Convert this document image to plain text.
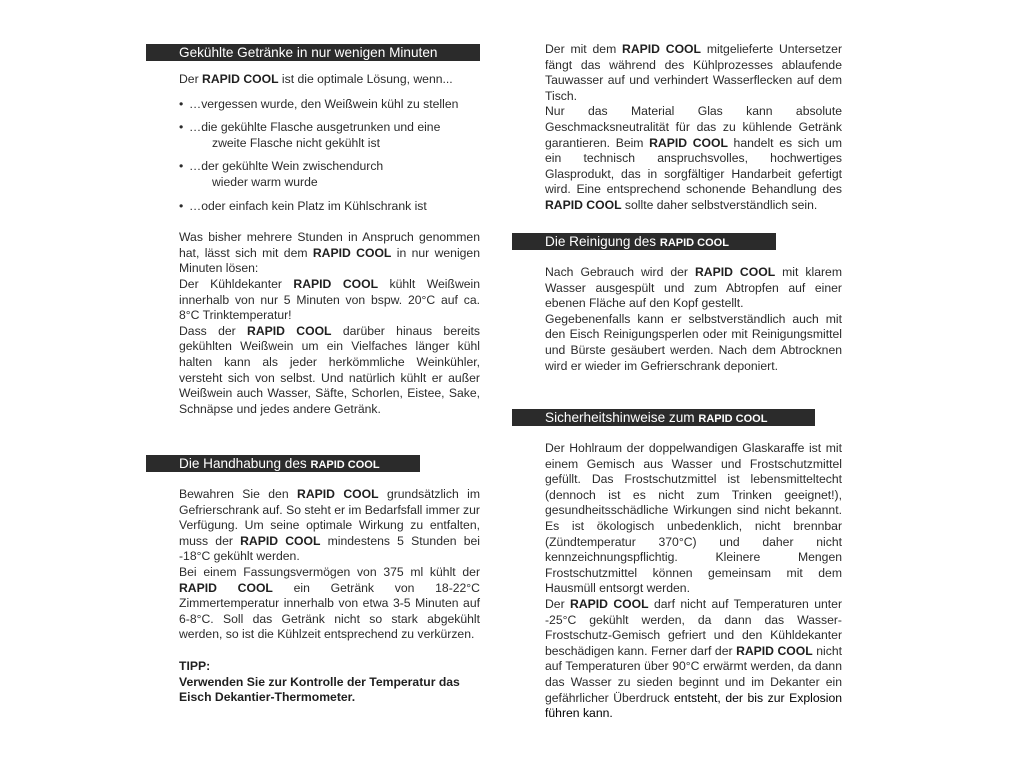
Gekühlte Getränke in nur wenigen Minuten

Der RAPID COOL ist die optimale Lösung, wenn...

• …vergessen wurde, den Weißwein kühl zu stellen
• …die gekühlte Flasche ausgetrunken und eine
zweite Flasche nicht gekühlt ist
• …der gekühlte Wein zwischendurch
wieder warm wurde
• …oder einfach kein Platz im Kühlschrank ist

Was bisher mehrere Stunden in Anspruch genommen hat, lässt sich mit dem RAPID COOL in nur wenigen Minuten lösen:

Der Kühldekanter RAPID COOL kühlt Weißwein innerhalb von nur 5 Minuten von bspw. 20°C auf ca. 8°C Trinktemperatur!

Dass der RAPID COOL darüber hinaus bereits gekühlten Weißwein um ein Vielfaches länger kühl halten kann als jeder herkömmliche Weinkühler, versteht sich von selbst. Und natürlich kühlt er außer Weißwein auch Wasser, Säfte, Schorlen, Eistee, Sake, Schnäpse und jedes andere Getränk.

Die Handhabung des RAPID COOL

Bewahren Sie den RAPID COOL grundsätzlich im Gefrierschrank auf. So steht er im Bedarfsfall immer zur Verfügung. Um seine optimale Wirkung zu entfalten, muss der RAPID COOL mindestens 5 Stunden bei -18°C gekühlt werden.

Bei einem Fassungsvermögen von 375 ml kühlt der RAPID COOL ein Getränk von 18-22°C Zimmertemperatur innerhalb von etwa 3-5 Minuten auf 6-8°C. Soll das Getränk nicht so stark abgekühlt werden, so ist die Kühlzeit entsprechend zu verkürzen.

TIPP:

Verwenden Sie zur Kontrolle der Temperatur das Eisch Dekantier-Thermometer.

Der mit dem RAPID COOL mitgelieferte Untersetzer fängt das während des Kühlprozesses ablaufende Tauwasser auf und verhindert Wasserflecken auf dem Tisch.

Nur das Material Glas kann absolute Geschmacksneutralität für das zu kühlende Getränk garantieren. Beim RAPID COOL handelt es sich um ein technisch anspruchsvolles, hochwertiges Glasprodukt, das in sorgfältiger Handarbeit gefertigt wird. Eine entsprechend schonende Behandlung des RAPID COOL sollte daher selbstverständlich sein.

Die Reinigung des RAPID COOL

Nach Gebrauch wird der RAPID COOL mit klarem Wasser ausgespült und zum Abtropfen auf einer ebenen Fläche auf den Kopf gestellt.

Gegebenenfalls kann er selbstverständlich auch mit den Eisch Reinigungsperlen oder mit Reinigungsmittel und Bürste gesäubert werden. Nach dem Abtrocknen wird er wieder im Gefrierschrank deponiert.

Sicherheitshinweise zum RAPID COOL

Der Hohlraum der doppelwandigen Glaskaraffe ist mit einem Gemisch aus Wasser und Frostschutzmittel gefüllt. Das Frostschutzmittel ist lebensmitteltecht (dennoch ist es nicht zum Trinken geeignet!), gesundheitsschädliche Wirkungen sind nicht bekannt. Es ist ökologisch unbedenklich, nicht brennbar (Zündtemperatur 370°C) und daher nicht kennzeichnungspflichtig. Kleinere Mengen Frostschutzmittel können gemeinsam mit dem Hausmüll entsorgt werden.

Der RAPID COOL darf nicht auf Temperaturen unter -25°C gekühlt werden, da dann das Wasser-Frostschutz-Gemisch gefriert und den Kühldekanter beschädigen kann. Ferner darf der RAPID COOL nicht auf Temperaturen über 90°C erwärmt werden, da dann das Wasser zu sieden beginnt und im Dekanter ein gefährlicher Überdruck entsteht, der bis zur Explosion führen kann.
